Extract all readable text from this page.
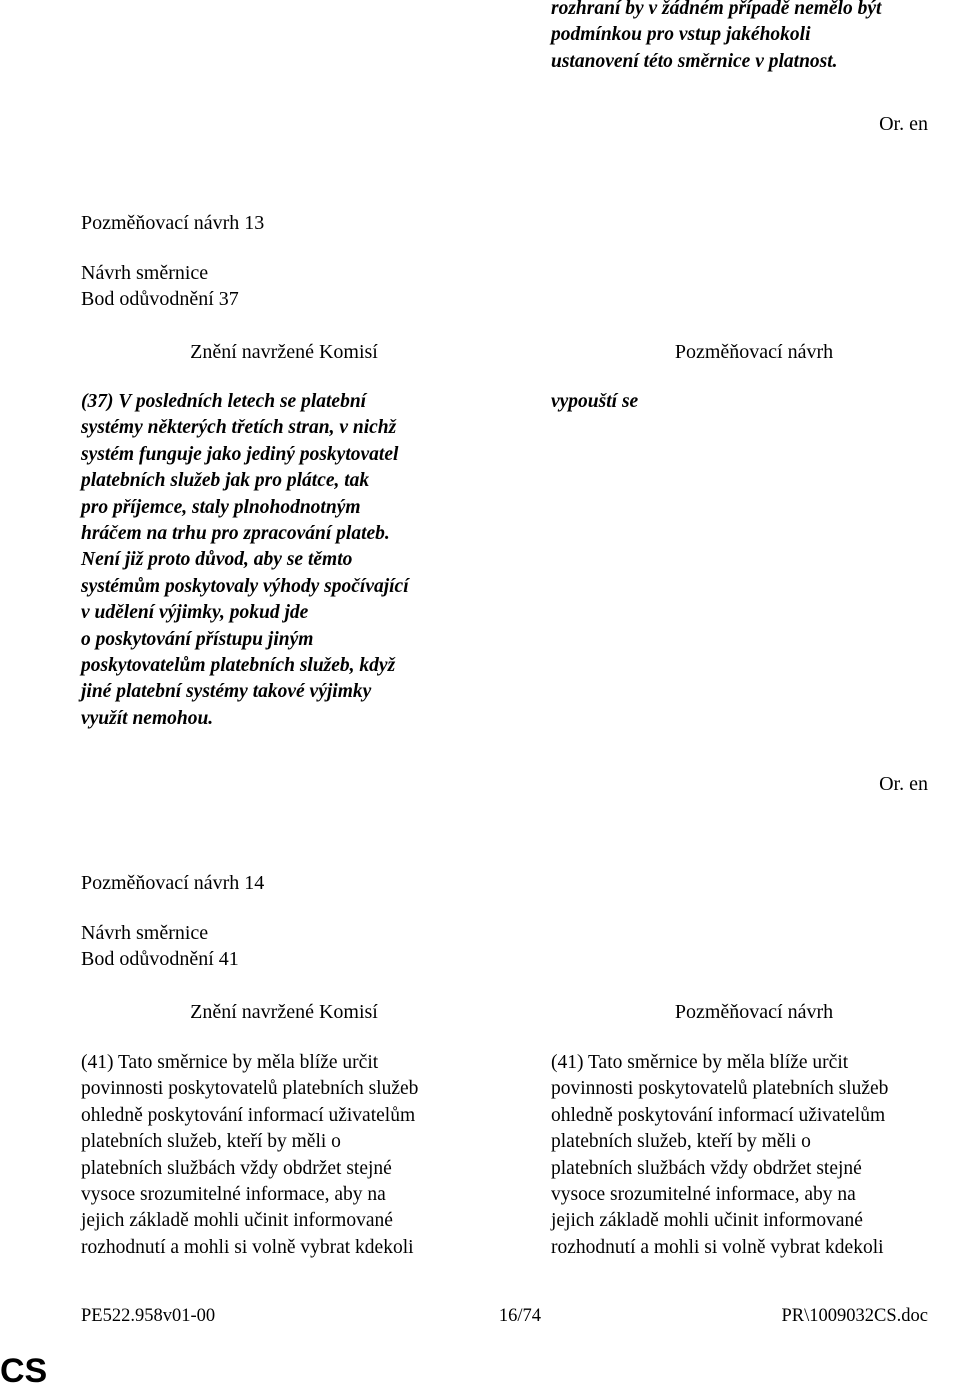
rozhraní by v žádném případě nemělo být
podmínkou pro vstup jakéhokoli
ustanovení této směrnice v platnost.
Or. en
Pozměňovací návrh 13
Návrh směrnice
Bod odůvodnění 37
Znění navržené Komisí	Pozměňovací návrh
(37) V posledních letech se platební
systémy některých třetích stran, v nichž
systém funguje jako jediný poskytovatel
platebních služeb jak pro plátce, tak
pro příjemce, staly plnohodnotným
hráčem na trhu pro zpracování plateb.
Není již proto důvod, aby se těmto
systémům poskytovaly výhody spočívající
v udělení výjimky, pokud jde
o poskytování přístupu jiným
poskytovatelům platebních služeb, když
jiné platební systémy takové výjimky
využít nemohou.
vypouští se
Or. en
Pozměňovací návrh 14
Návrh směrnice
Bod odůvodnění 41
Znění navržené Komisí	Pozměňovací návrh
(41) Tato směrnice by měla blíže určit
povinnosti poskytovatelů platebních služeb
ohledně poskytování informací uživatelům
platebních služeb, kteří by měli o
platebních službách vždy obdržet stejné
vysoce srozumitelné informace, aby na
jejich základě mohli učinit informované
rozhodnutí a mohli si volně vybrat kdekoli
(41) Tato směrnice by měla blíže určit
povinnosti poskytovatelů platebních služeb
ohledně poskytování informací uživatelům
platebních služeb, kteří by měli o
platebních službách vždy obdržet stejné
vysoce srozumitelné informace, aby na
jejich základě mohli učinit informované
rozhodnutí a mohli si volně vybrat kdekoli
PE522.958v01-00	16/74	PR\1009032CS.doc
CS
